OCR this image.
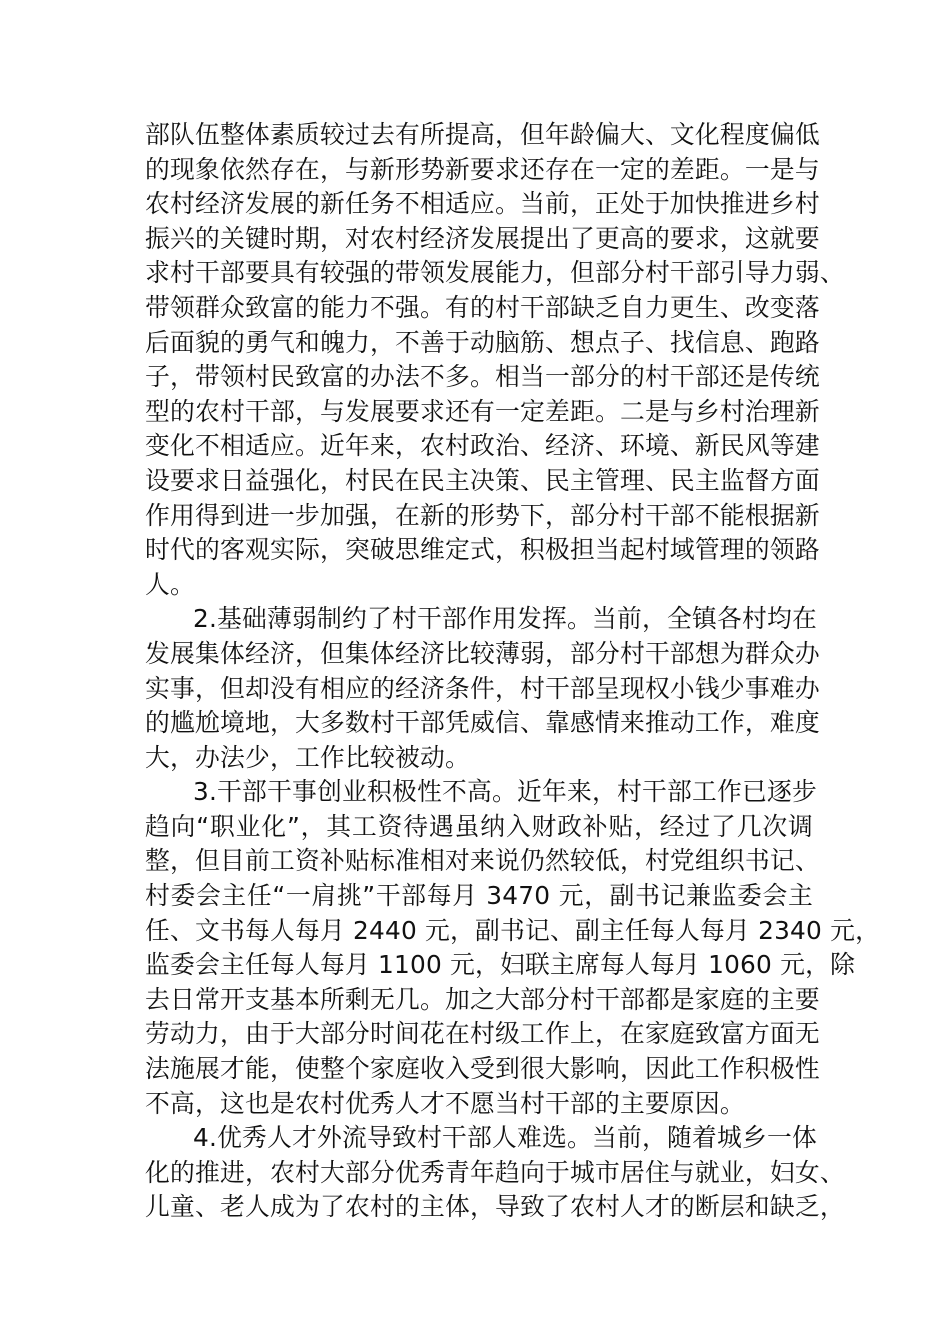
部队伍整体素质较过去有所提高，但年龄偏大、文化程度偏低
的现象依然存在，与新形势新要求还存在一定的差距。一是与
农村经济发展的新任务不相适应。当前，正处于加快推进乡村
振兴的关键时期，对农村经济发展提出了更高的要求，这就要
求村干部要具有较强的带领发展能力，但部分村干部引导力弱、
带领群众致富的能力不强。有的村干部缺乏自力更生、改变落
后面貌的勇气和魄力，不善于动脑筋、想点子、找信息、跑路
子，带领村民致富的办法不多。相当一部分的村干部还是传统
型的农村干部，与发展要求还有一定差距。二是与乡村治理新
变化不相适应。近年来，农村政治、经济、环境、新民风等建
设要求日益强化，村民在民主决策、民主管理、民主监督方面
作用得到进一步加强，在新的形势下，部分村干部不能根据新
时代的客观实际，突破思维定式，积极担当起村域管理的领路
人。
2.基础薄弱制约了村干部作用发挥。当前，全镇各村均在
发展集体经济，但集体经济比较薄弱，部分村干部想为群众办
实事，但却没有相应的经济条件，村干部呈现权小钱少事难办
的尴尬境地，大多数村干部凭威信、靠感情来推动工作，难度
大，办法少，工作比较被动。
3.干部干事创业积极性不高。近年来，村干部工作已逐步
趋向“职业化”，其工资待遇虽纳入财政补贴，经过了几次调
整，但目前工资补贴标准相对来说仍然较低，村党组织书记、
村委会主任“一肩挑”干部每月 3470 元，副书记兼监委会主
任、文书每人每月 2440 元，副书记、副主任每人每月 2340 元，
监委会主任每人每月 1100 元，妇联主席每人每月 1060 元，除
去日常开支基本所剩无几。加之大部分村干部都是家庭的主要
劳动力，由于大部分时间花在村级工作上，在家庭致富方面无
法施展才能，使整个家庭收入受到很大影响，因此工作积极性
不高，这也是农村优秀人才不愿当村干部的主要原因。
4.优秀人才外流导致村干部人难选。当前，随着城乡一体
化的推进，农村大部分优秀青年趋向于城市居住与就业，妇女、
儿童、老人成为了农村的主体，导致了农村人才的断层和缺乏，
